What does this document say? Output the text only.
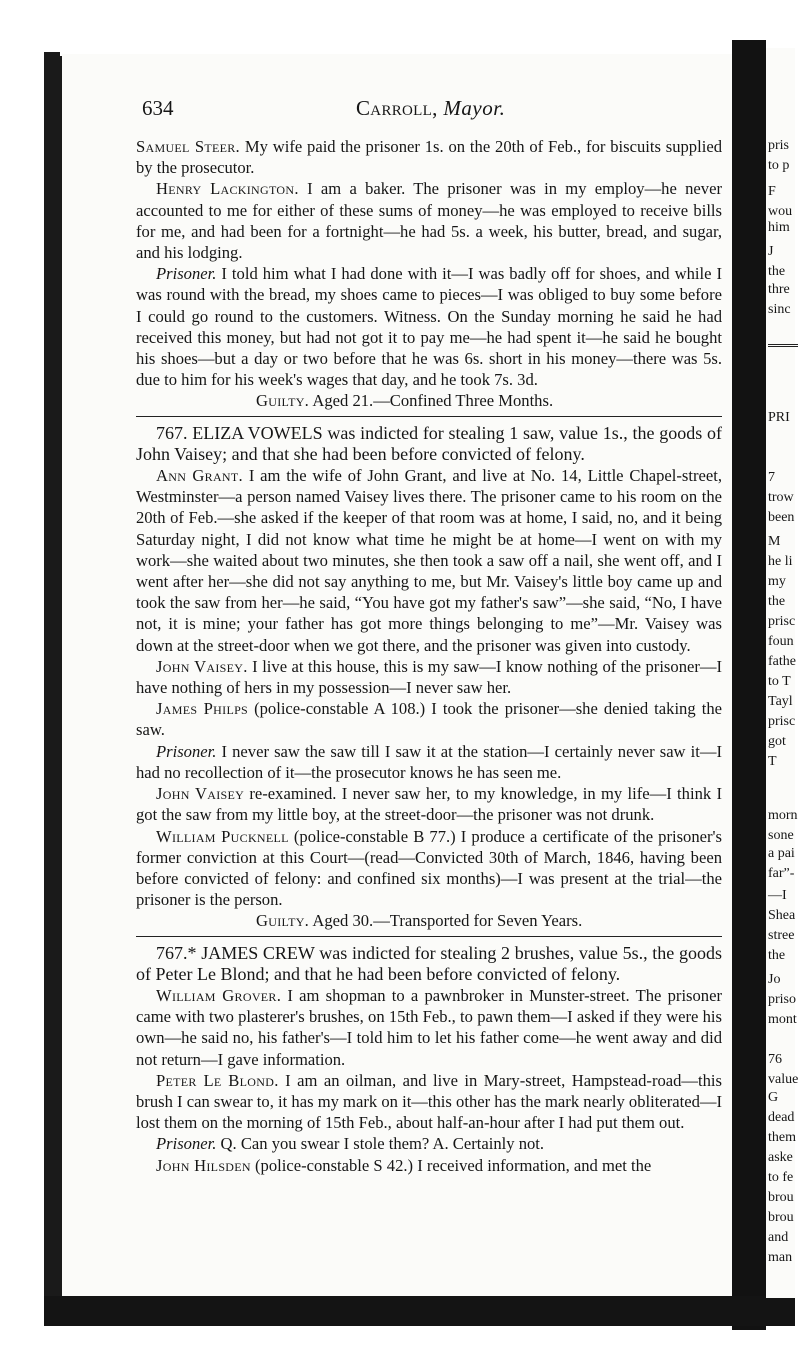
pris
to p
F
wou
him
J
the
thre
sinc
PRI
7
trow
been
M
he li
my
the
prisc
foun
fathe
to T
Tayl
prisc
got
T
morn
sone
a pai
far”-
—I
Shea
stree
the
Jo
priso
mont
76
value
G
dead
them
aske
to fe
brou
brou
and
man
634	Carroll, Mayor.

Samuel Steer. My wife paid the prisoner 1s. on the 20th of Feb., for biscuits supplied by the prosecutor.

Henry Lackington. I am a baker. The prisoner was in my employ—he never accounted to me for either of these sums of money—he was employed to receive bills for me, and had been for a fortnight—he had 5s. a week, his butter, bread, and sugar, and his lodging.

Prisoner. I told him what I had done with it—I was badly off for shoes, and while I was round with the bread, my shoes came to pieces—I was obliged to buy some before I could go round to the customers. Witness. On the Sunday morning he said he had received this money, but had not got it to pay me—he had spent it—he said he bought his shoes—but a day or two before that he was 6s. short in his money—there was 5s. due to him for his week's wages that day, and he took 7s. 3d.

Guilty. Aged 21.—Confined Three Months.

767. ELIZA VOWELS was indicted for stealing 1 saw, value 1s., the goods of John Vaisey; and that she had been before convicted of felony.

Ann Grant. I am the wife of John Grant, and live at No. 14, Little Chapel-street, Westminster—a person named Vaisey lives there. The prisoner came to his room on the 20th of Feb.—she asked if the keeper of that room was at home, I said, no, and it being Saturday night, I did not know what time he might be at home—I went on with my work—she waited about two minutes, she then took a saw off a nail, she went off, and I went after her—she did not say anything to me, but Mr. Vaisey's little boy came up and took the saw from her—he said, “You have got my father's saw”—she said, “No, I have not, it is mine; your father has got more things belonging to me”—Mr. Vaisey was down at the street-door when we got there, and the prisoner was given into custody.

John Vaisey. I live at this house, this is my saw—I know nothing of the prisoner—I have nothing of hers in my possession—I never saw her.

James Philps (police-constable A 108.) I took the prisoner—she denied taking the saw.

Prisoner. I never saw the saw till I saw it at the station—I certainly never saw it—I had no recollection of it—the prosecutor knows he has seen me.

John Vaisey re-examined. I never saw her, to my knowledge, in my life—I think I got the saw from my little boy, at the street-door—the prisoner was not drunk.

William Pucknell (police-constable B 77.) I produce a certificate of the prisoner's former conviction at this Court—(read—Convicted 30th of March, 1846, having been before convicted of felony: and confined six months)—I was present at the trial—the prisoner is the person.

Guilty. Aged 30.—Transported for Seven Years.

767.* JAMES CREW was indicted for stealing 2 brushes, value 5s., the goods of Peter Le Blond; and that he had been before convicted of felony.

William Grover. I am shopman to a pawnbroker in Munster-street. The prisoner came with two plasterer's brushes, on 15th Feb., to pawn them—I asked if they were his own—he said no, his father's—I told him to let his father come—he went away and did not return—I gave information.

Peter Le Blond. I am an oilman, and live in Mary-street, Hampstead-road—this brush I can swear to, it has my mark on it—this other has the mark nearly obliterated—I lost them on the morning of 15th Feb., about half-an-hour after I had put them out.

Prisoner. Q. Can you swear I stole them? A. Certainly not.

John Hilsden (police-constable S 42.) I received information, and met the
